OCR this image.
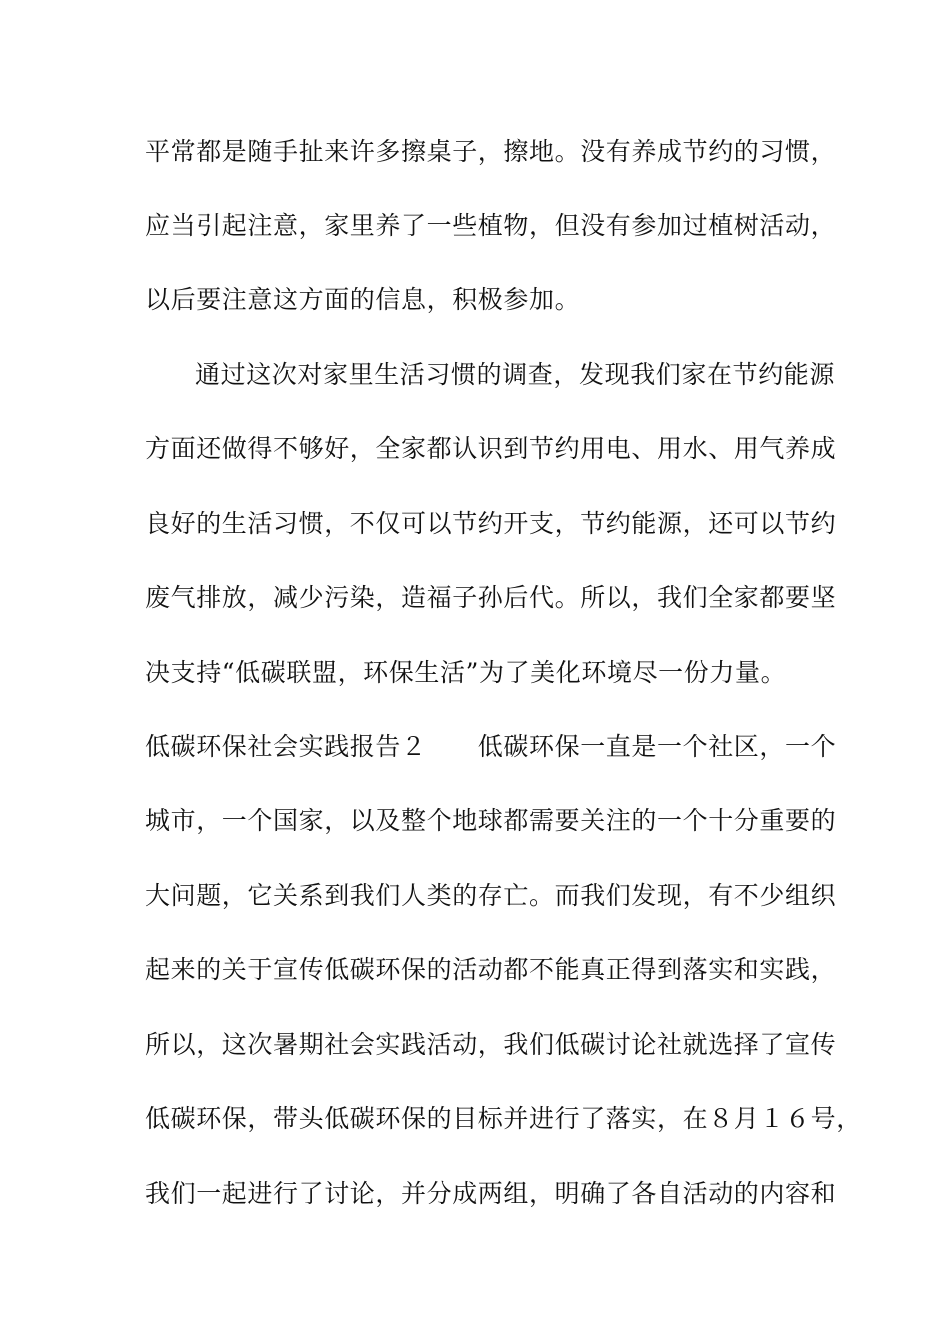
平常都是随手扯来许多擦桌子，擦地。没有养成节约的习惯，
应当引起注意，家里养了一些植物，但没有参加过植树活动，
以后要注意这方面的信息，积极参加。
通过这次对家里生活习惯的调查，发现我们家在节约能源
方面还做得不够好，全家都认识到节约用电、用水、用气养成
良好的生活习惯，不仅可以节约开支，节约能源，还可以节约
废气排放，减少污染，造福子孙后代。所以，我们全家都要坚
决支持“低碳联盟，环保生活”为了美化环境尽一份力量。
低碳环保社会实践报告２　　低碳环保一直是一个社区，一个
城市，一个国家，以及整个地球都需要关注的一个十分重要的
大问题，它关系到我们人类的存亡。而我们发现，有不少组织
起来的关于宣传低碳环保的活动都不能真正得到落实和实践，
所以，这次暑期社会实践活动，我们低碳讨论社就选择了宣传
低碳环保，带头低碳环保的目标并进行了落实，在８月１６号，
我们一起进行了讨论，并分成两组，明确了各自活动的内容和
